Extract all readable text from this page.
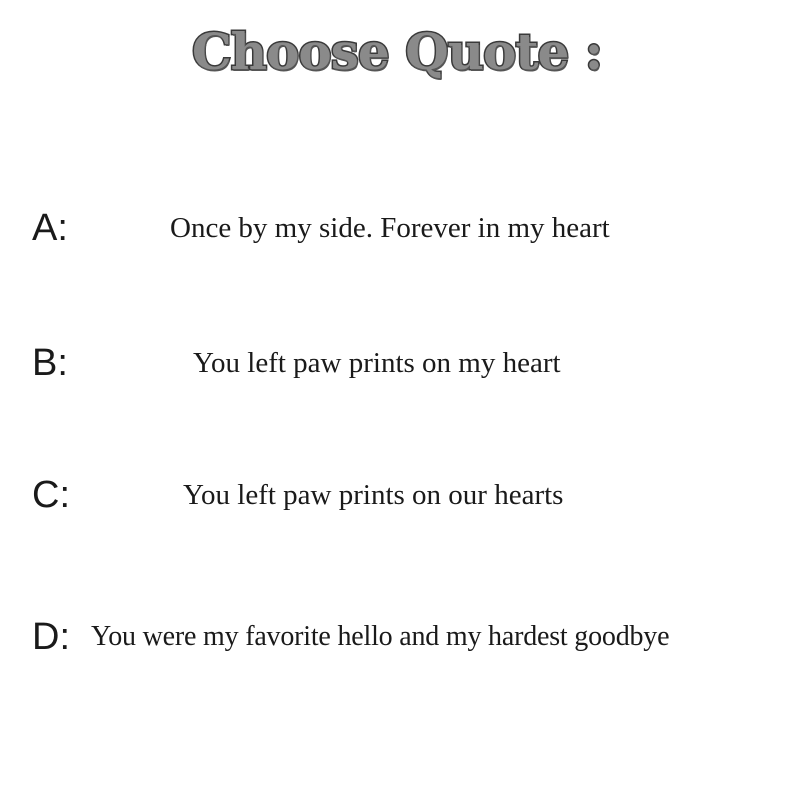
Choose Quote :
A:	Once by my side. Forever in my heart
B:	You left paw prints on my heart
C:	You left paw prints on our hearts
D: You were my favorite hello and my hardest goodbye
